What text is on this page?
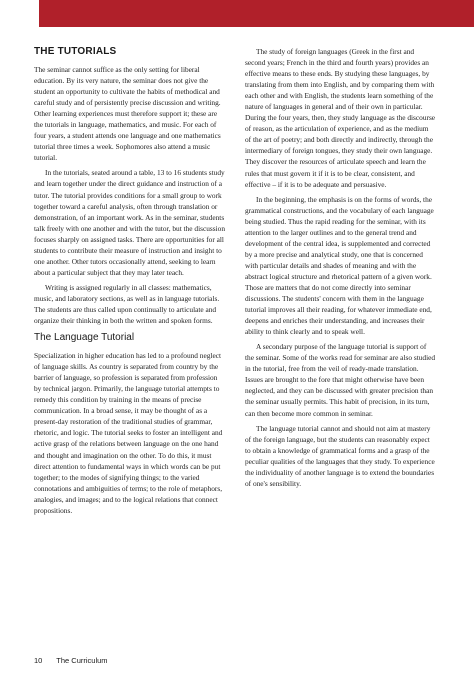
THE TUTORIALS

The seminar cannot suffice as the only setting for liberal education. By its very nature, the seminar does not give the student an opportunity to cultivate the habits of methodical and careful study and of persistently precise discussion and writing. Other learning experiences must therefore support it; these are the tutorials in language, mathematics, and music. For each of four years, a student attends one language and one mathematics tutorial three times a week. Sophomores also attend a music tutorial.

In the tutorials, seated around a table, 13 to 16 students study and learn together under the direct guidance and instruction of a tutor. The tutorial provides conditions for a small group to work together toward a careful analysis, often through translation or demonstration, of an important work. As in the seminar, students talk freely with one another and with the tutor, but the discussion focuses sharply on assigned tasks. There are opportunities for all students to contribute their measure of instruction and insight to one another. Other tutors occasionally attend, seeking to learn about a particular subject that they may later teach.

Writing is assigned regularly in all classes: mathematics, music, and laboratory sections, as well as in language tutorials. The students are thus called upon continually to articulate and organize their thinking in both the written and spoken forms.

The Language Tutorial

Specialization in higher education has led to a profound neglect of language skills. As country is separated from country by the barrier of language, so profession is separated from profession by technical jargon. Primarily, the language tutorial attempts to remedy this condition by training in the means of precise communication. In a broad sense, it may be thought of as a present-day restoration of the traditional studies of grammar, rhetoric, and logic. The tutorial seeks to foster an intelligent and active grasp of the relations between language on the one hand and thought and imagination on the other. To do this, it must direct attention to fundamental ways in which words can be put together; to the modes of signifying things; to the varied connotations and ambiguities of terms; to the role of metaphors, analogies, and images; and to the logical relations that connect propositions.

The study of foreign languages (Greek in the first and second years; French in the third and fourth years) provides an effective means to these ends. By studying these languages, by translating from them into English, and by comparing them with each other and with English, the students learn something of the nature of languages in general and of their own in particular. During the four years, then, they study language as the discourse of reason, as the articulation of experience, and as the medium of the art of poetry; and both directly and indirectly, through the intermediary of foreign tongues, they study their own language. They discover the resources of articulate speech and learn the rules that must govern it if it is to be clear, consistent, and effective – if it is to be adequate and persuasive.

In the beginning, the emphasis is on the forms of words, the grammatical constructions, and the vocabulary of each language being studied. Thus the rapid reading for the seminar, with its attention to the larger outlines and to the general trend and development of the central idea, is supplemented and corrected by a more precise and analytical study, one that is concerned with particular details and shades of meaning and with the abstract logical structure and rhetorical pattern of a given work. Those are matters that do not come directly into seminar discussions. The students' concern with them in the language tutorial improves all their reading, for whatever immediate end, deepens and enriches their understanding, and increases their ability to think clearly and to speak well.

A secondary purpose of the language tutorial is support of the seminar. Some of the works read for seminar are also studied in the tutorial, free from the veil of ready-made translation. Issues are brought to the fore that might otherwise have been neglected, and they can be discussed with greater precision than the seminar usually permits. This habit of precision, in its turn, can then become more common in seminar.

The language tutorial cannot and should not aim at mastery of the foreign language, but the students can reasonably expect to obtain a knowledge of grammatical forms and a grasp of the peculiar qualities of the languages that they study. To experience the individuality of another language is to extend the boundaries of one's sensibility.

10 The Curriculum
